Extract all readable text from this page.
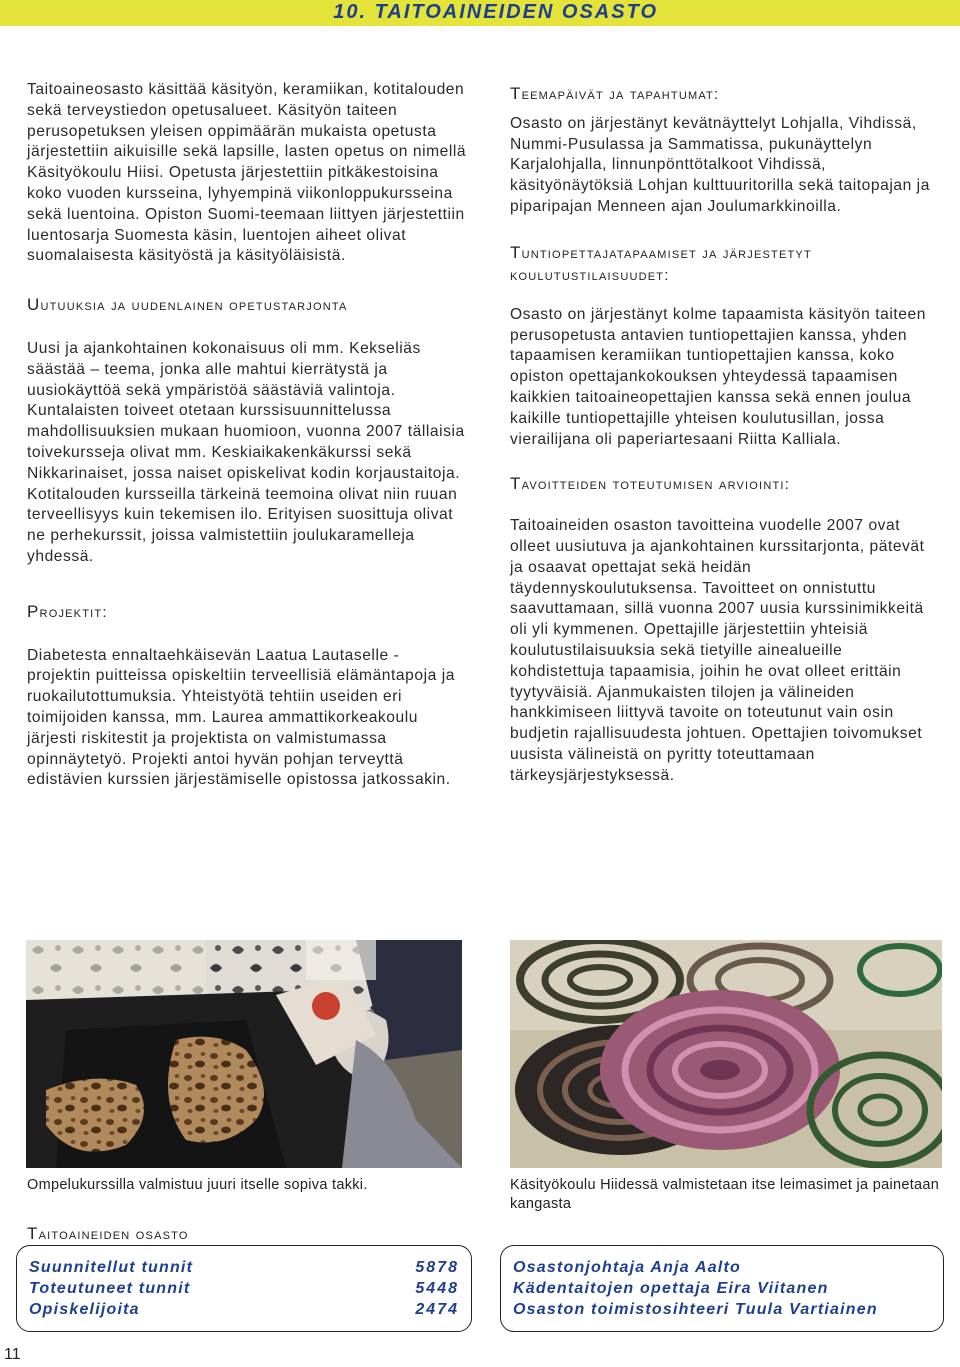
10. TAITOAINEIDEN OSASTO

Taitoaineosasto käsittää käsityön, keramiikan, kotitalouden sekä terveystiedon opetusalueet. Käsityön taiteen perusopetuksen yleisen oppimäärän mukaista opetusta järjestettiin aikuisille sekä lapsille, lasten opetus on nimellä Käsityökoulu Hiisi. Opetusta järjestettiin pitkäkestoisina koko vuoden kursseina, lyhyempinä viikonloppukursseina sekä luentoina. Opiston Suomi-teemaan liittyen järjestettiin luentosarja Suomesta käsin, luentojen aiheet olivat suomalaisesta käsityöstä ja käsityöläisistä.

Uutuuksia ja uudenlainen opetustarjonta

Uusi ja ajankohtainen kokonaisuus oli mm. Kekseliäs säästää – teema, jonka alle mahtui kierrätystä ja uusiokäyttöä sekä ympäristöä säästäviä valintoja. Kuntalaisten toiveet otetaan kurssisuunnittelussa mahdollisuuksien mukaan huomioon, vuonna 2007 tällaisia toivekursseja olivat mm. Keskiaikakenkäkurssi sekä Nikkarinaiset, jossa naiset opiskelivat kodin korjaustaitoja. Kotitalouden kursseilla tärkeinä teemoina olivat niin ruuan terveellisyys kuin tekemisen ilo. Erityisen suosittuja olivat ne perhekurssit, joissa valmistettiin joulukaramelleja yhdessä.

Projektit:

Diabetesta ennaltaehkäisevän Laatua Lautaselle - projektin puitteissa opiskeltiin terveellisiä elämäntapoja ja ruokailutottumuksia. Yhteistyötä tehtiin useiden eri toimijoiden kanssa, mm. Laurea ammattikorkeakoulu järjesti riskitestit ja projektista on valmistumassa opinnäytetyö. Projekti antoi hyvän pohjan terveyttä edistävien kurssien järjestämiselle opistossa jatkossakin.

Teemapäivät ja tapahtumat:

Osasto on järjestänyt kevätnäyttelyt Lohjalla, Vihdissä, Nummi-Pusulassa ja Sammatissa, pukunäyttelyn Karjalohjalla, linnunpönttötalkoot Vihdissä, käsityönäytöksiä Lohjan kulttuuritorilla sekä taitopajan ja piparipajan Menneen ajan Joulumarkkinoilla.

Tuntiopettajatapaamiset ja järjestetyt koulutustilaisuudet:

Osasto on järjestänyt kolme tapaamista käsityön taiteen perusopetusta antavien tuntiopettajien kanssa, yhden tapaamisen keramiikan tuntiopettajien kanssa, koko opiston opettajankokouksen yhteydessä tapaamisen kaikkien taitoaineopettajien kanssa sekä ennen joulua kaikille tuntiopettajille yhteisen koulutusillan, jossa vierailijana oli paperiartesaani Riitta Kalliala.

Tavoitteiden toteutumisen arviointi:

Taitoaineiden osaston tavoitteina vuodelle 2007 ovat olleet uusiutuva ja ajankohtainen kurssitarjonta, pätevät ja osaavat opettajat sekä heidän täydennyskoulutuksensa. Tavoitteet on onnistuttu saavuttamaan, sillä vuonna 2007 uusia kurssinimikkeitä oli yli kymmenen. Opettajille järjestettiin yhteisiä koulutustilaisuuksia sekä tietyille ainealueille kohdistettuja tapaamisia, joihin he ovat olleet erittäin tyytyväisiä. Ajanmukaisten tilojen ja välineiden hankkimiseen liittyvä tavoite on toteutunut vain osin budjetin rajallisuudesta johtuen. Opettajien toivomukset uusista välineistä on pyritty toteuttamaan tärkeysjärjestyksessä.

Ompelukurssilla valmistuu juuri itselle sopiva takki.	Käsityökoulu Hiidessä valmistetaan itse leimasimet ja painetaan kangasta
Taitoaineiden osasto
Suunnitellut tunnit	5878
Toteutuneet tunnit	5448
Opiskelijoita	2474
Osastonjohtaja Anja Aalto
Kädentaitojen opettaja Eira Viitanen
Osaston toimistosihteeri Tuula Vartiainen
11
